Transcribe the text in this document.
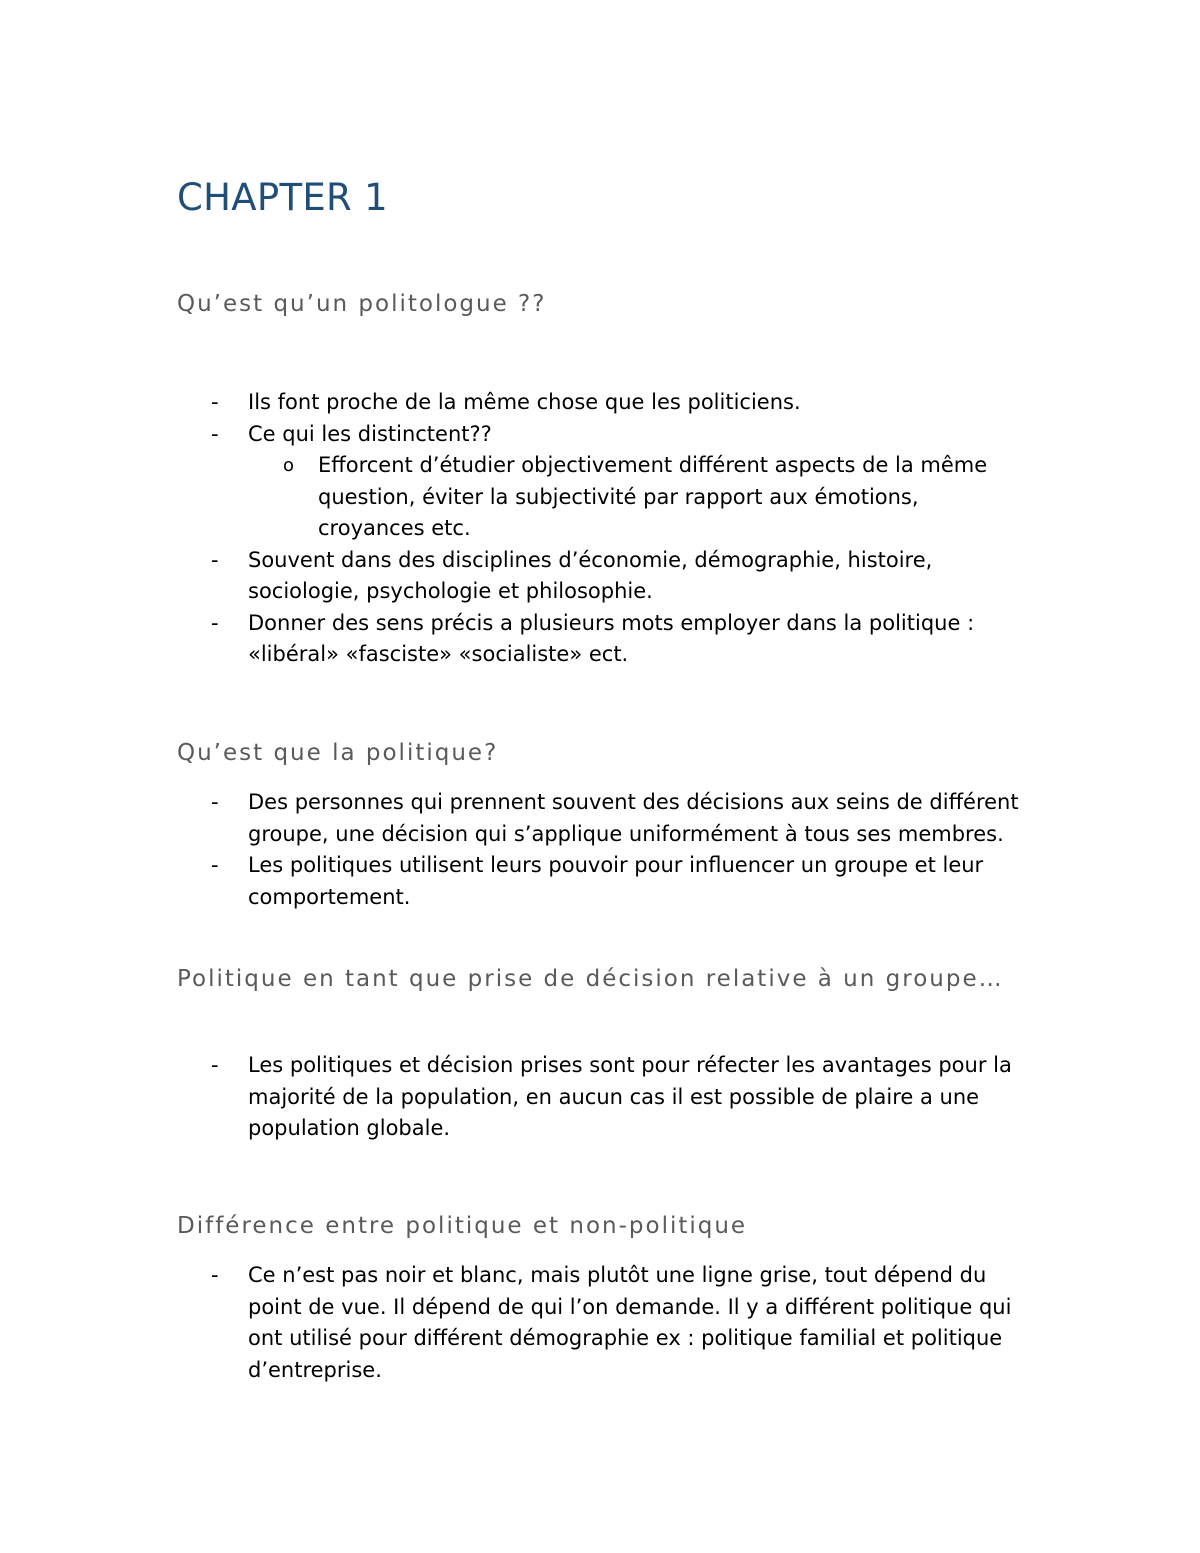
CHAPTER 1
Qu’est qu’un politologue ??
- Ils font proche de la même chose que les politiciens.
- Ce qui les distinctent??
o Efforcent d’étudier objectivement différent aspects de la même question, éviter la subjectivité par rapport aux émotions, croyances etc.
- Souvent dans des disciplines d’économie, démographie, histoire, sociologie, psychologie et philosophie.
- Donner des sens précis a plusieurs mots employer dans la politique : «libéral» «fasciste» «socialiste» ect.
Qu’est que la politique?
- Des personnes qui prennent souvent des décisions aux seins de différent groupe, une décision qui s’applique uniformément à tous ses membres.
- Les politiques utilisent leurs pouvoir pour influencer un groupe et leur comportement.
Politique en tant que prise de décision relative à un groupe…
- Les politiques et décision prises sont pour réfecter les avantages pour la majorité de la population, en aucun cas il est possible de plaire a une population globale.
Différence entre politique et non-politique
- Ce n’est pas noir et blanc, mais plutôt une ligne grise, tout dépend du point de vue. Il dépend de qui l’on demande. Il y a différent politique qui ont utilisé pour différent démographie ex : politique familial et politique d’entreprise.
